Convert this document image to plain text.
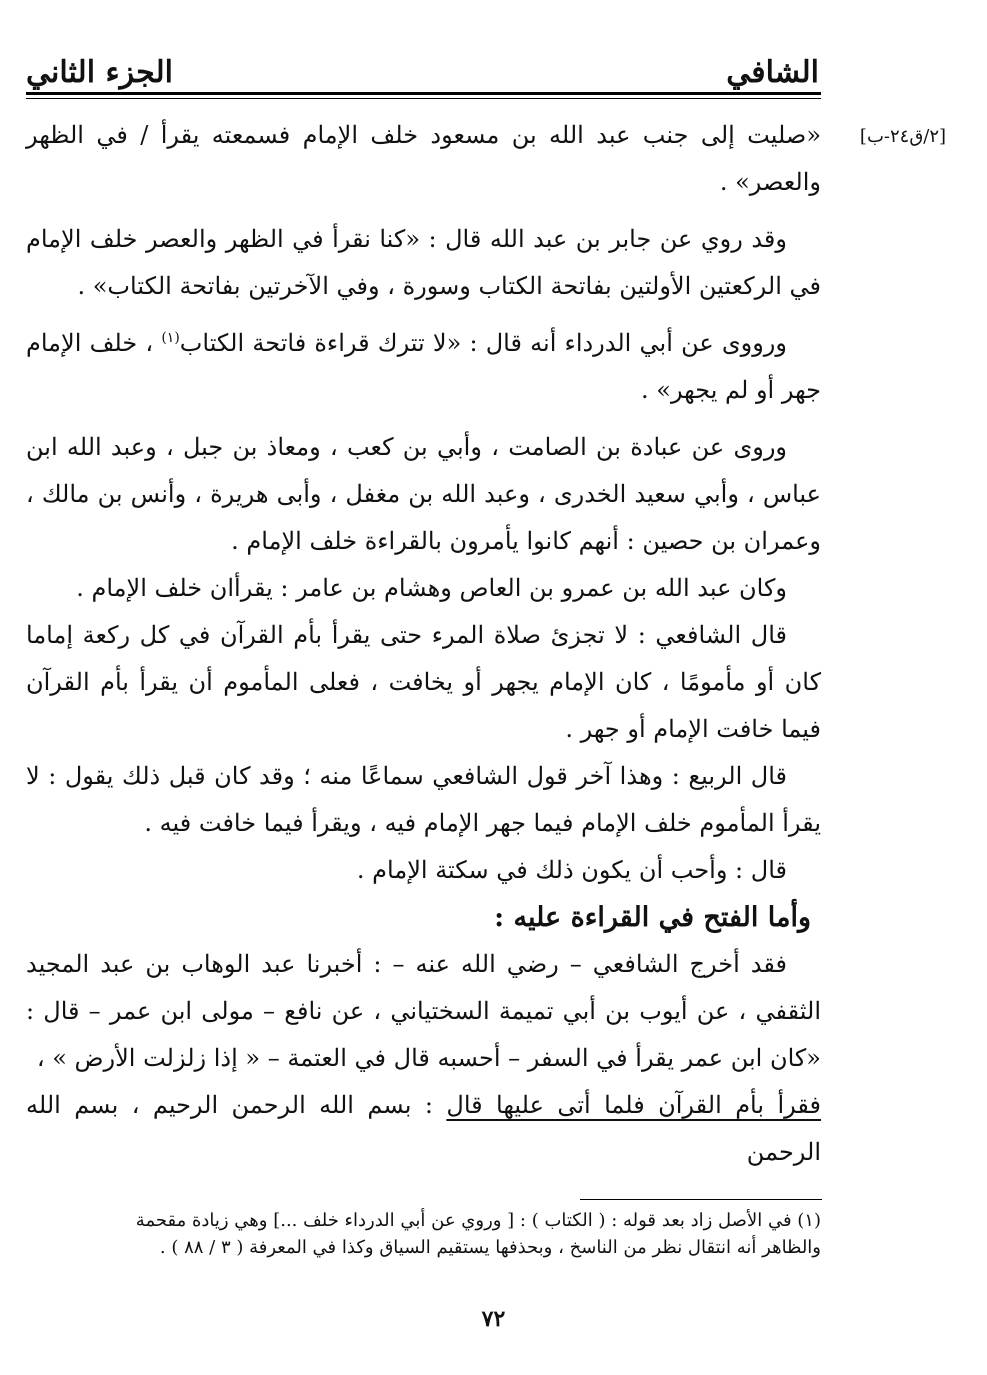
الشافي
الجزء الثاني
[٢/ق٢٤-ب]

«صليت إلى جنب عبد الله بن مسعود خلف الإمام فسمعته يقرأ / في الظهر والعصر» .

وقد روي عن جابر بن عبد الله قال : «كنا نقرأ في الظهر والعصر خلف الإمام في الركعتين الأولتين بفاتحة الكتاب وسورة ، وفي الآخرتين بفاتحة الكتاب» .

ورووى عن أبي الدرداء أنه قال : «لا تترك قراءة فاتحة الكتاب$^{(١)}$ ، خلف الإمام جهر أو لم يجهر» .

وروى عن عبادة بن الصامت ، وأبي بن كعب ، ومعاذ بن جبل ، وعبد الله ابن عباس ، وأبي سعيد الخدرى ، وعبد الله بن مغفل ، وأبى هريرة ، وأنس بن مالك ، وعمران بن حصين : أنهم كانوا يأمرون بالقراءة خلف الإمام .

وكان عبد الله بن عمرو بن العاص وهشام بن عامر : يقرأان خلف الإمام .

قال الشافعي : لا تجزئ صلاة المرء حتى يقرأ بأم القرآن في كل ركعة إماما كان أو مأمومًا ، كان الإمام يجهر أو يخافت ، فعلى المأموم أن يقرأ بأم القرآن فيما خافت الإمام أو جهر .

قال الربيع : وهذا آخر قول الشافعي سماعًا منه ؛ وقد كان قبل ذلك يقول : لا يقرأ المأموم خلف الإمام فيما جهر الإمام فيه ، ويقرأ فيما خافت فيه .

قال : وأحب أن يكون ذلك في سكتة الإمام .

وأما الفتح في القراءة عليه :

فقد أخرج الشافعي – رضي الله عنه – : أخبرنا عبد الوهاب بن عبد المجيد الثقفي ، عن أيوب بن أبي تميمة السختياني ، عن نافع – مولى ابن عمر – قال : «كان ابن عمر يقرأ في السفر – أحسبه قال في العتمة – « إذا زلزلت الأرض » ،

فقرأ بأم القرآن فلما أتى عليها قال : بسم الله الرحمن الرحيم ، بسم الله الرحمن

(١) في الأصل زاد بعد قوله : ( الكتاب ) : [ وروي عن أبي الدرداء خلف ...] وهي زيادة مقحمة

والظاهر أنه انتقال نظر من الناسخ ، وبحذفها يستقيم السياق وكذا في المعرفة ( ٣ / ٨٨ ) .

٧٢
